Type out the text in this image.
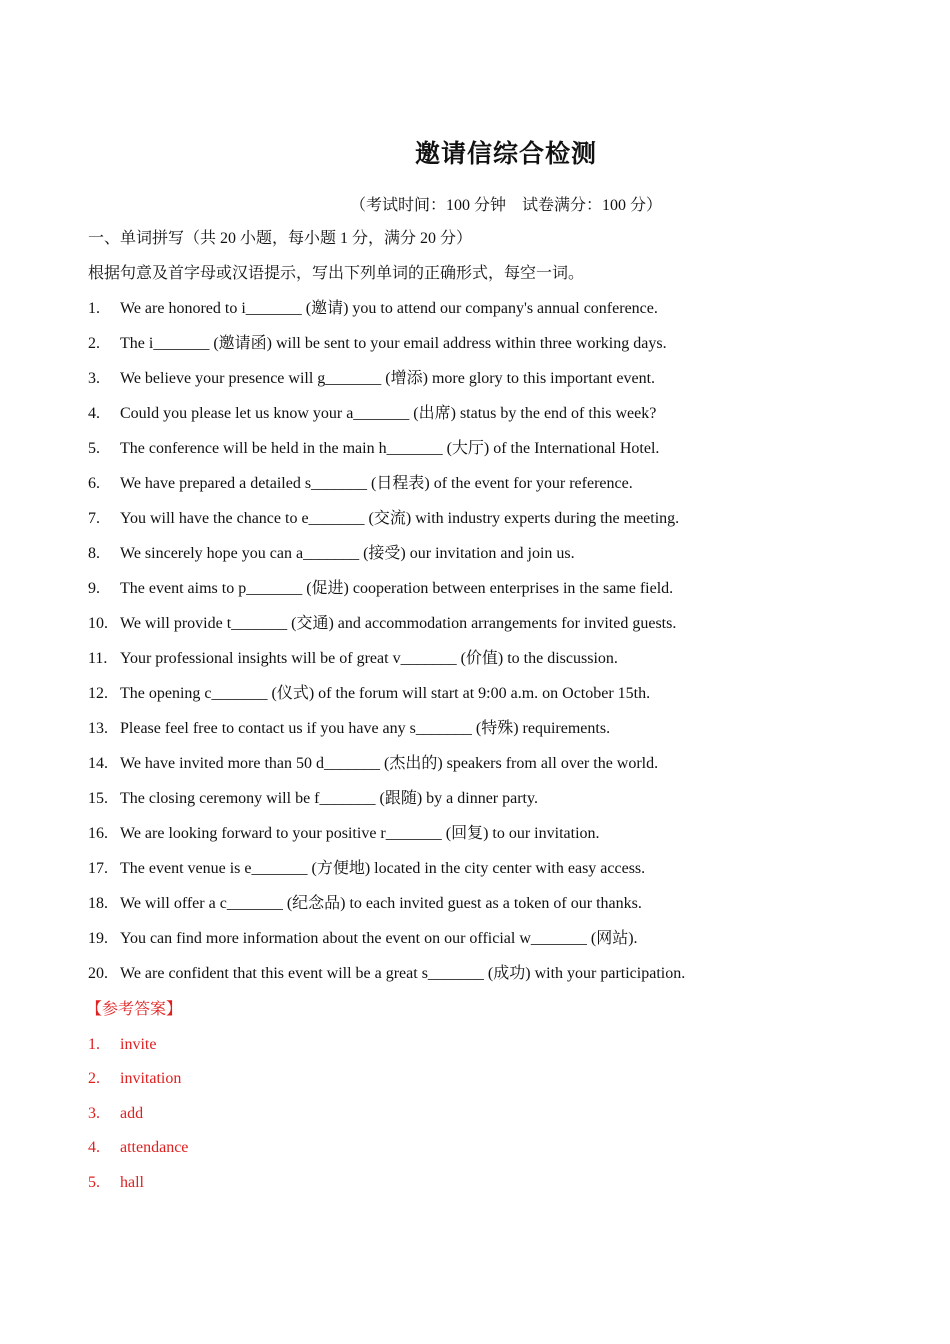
邀请信综合检测
（考试时间：100 分钟　试卷满分：100 分）
一、单词拼写（共 20 小题，每小题 1 分，满分 20 分）
根据句意及首字母或汉语提示，写出下列单词的正确形式，每空一词。
1. We are honored to i_______ (邀请) you to attend our company's annual conference.
2. The i_______ (邀请函) will be sent to your email address within three working days.
3. We believe your presence will g_______ (增添) more glory to this important event.
4. Could you please let us know your a_______ (出席) status by the end of this week?
5. The conference will be held in the main h_______ (大厅) of the International Hotel.
6. We have prepared a detailed s_______ (日程表) of the event for your reference.
7. You will have the chance to e_______ (交流) with industry experts during the meeting.
8. We sincerely hope you can a_______ (接受) our invitation and join us.
9. The event aims to p_______ (促进) cooperation between enterprises in the same field.
10. We will provide t_______ (交通) and accommodation arrangements for invited guests.
11. Your professional insights will be of great v_______ (价值) to the discussion.
12. The opening c_______ (仪式) of the forum will start at 9:00 a.m. on October 15th.
13. Please feel free to contact us if you have any s_______ (特殊) requirements.
14. We have invited more than 50 d_______ (杰出的) speakers from all over the world.
15. The closing ceremony will be f_______ (跟随) by a dinner party.
16. We are looking forward to your positive r_______ (回复) to our invitation.
17. The event venue is e_______ (方便地) located in the city center with easy access.
18. We will offer a c_______ (纪念品) to each invited guest as a token of our thanks.
19. You can find more information about the event on our official w_______ (网站).
20. We are confident that this event will be a great s_______ (成功) with your participation.
【参考答案】
1. invite
2. invitation
3. add
4. attendance
5. hall
